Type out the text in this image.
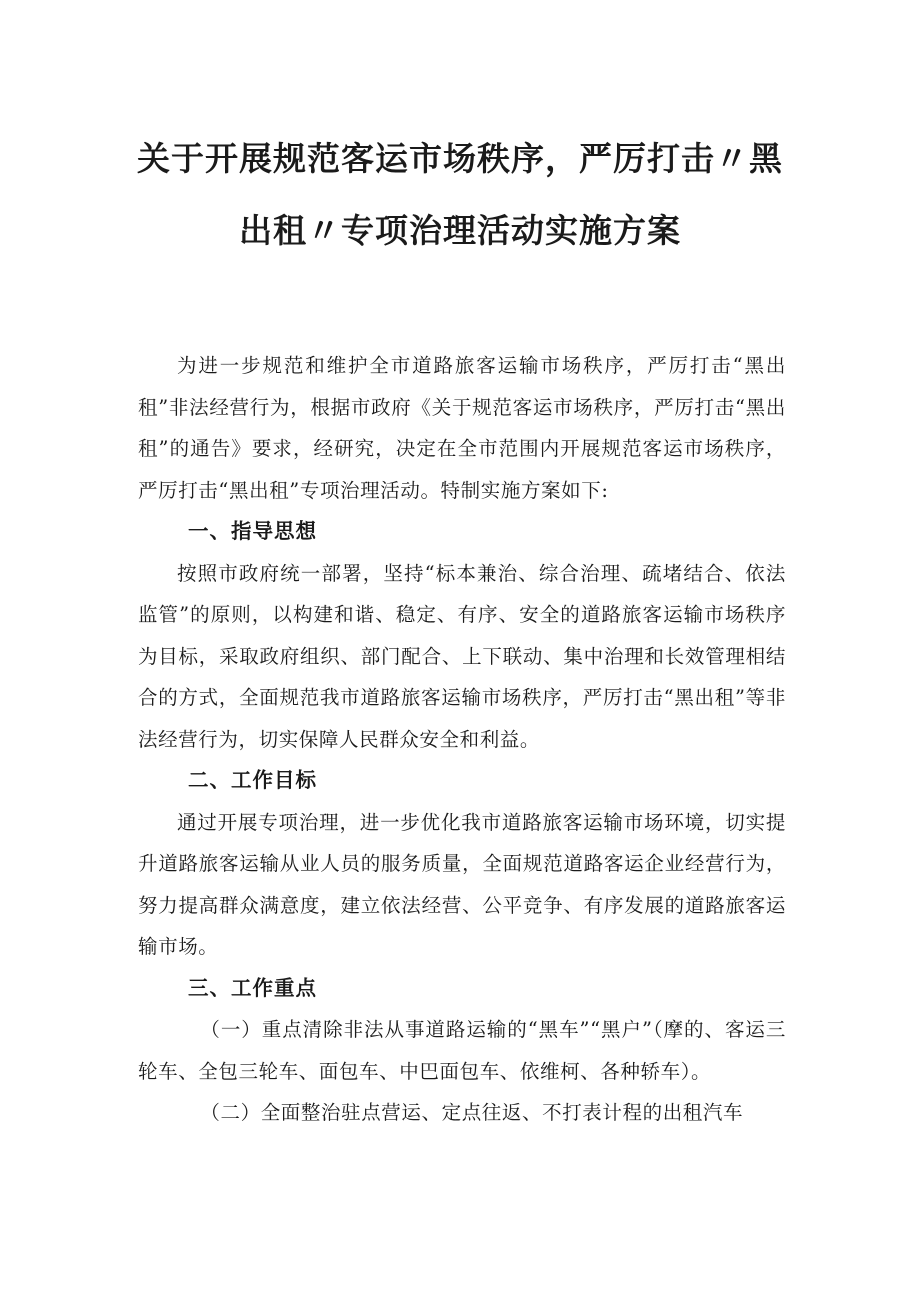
关于开展规范客运市场秩序，严厉打击〃黑
出租〃专项治理活动实施方案

为进一步规范和维护全市道路旅客运输市场秩序，严厉打击“黑出租”非法经营行为，根据市政府《关于规范客运市场秩序，严厉打击“黑出租”的通告》要求，经研究，决定在全市范围内开展规范客运市场秩序，严厉打击“黑出租”专项治理活动。特制实施方案如下:

一、指导思想

按照市政府统一部署，坚持“标本兼治、综合治理、疏堵结合、依法监管”的原则，以构建和谐、稳定、有序、安全的道路旅客运输市场秩序为目标，采取政府组织、部门配合、上下联动、集中治理和长效管理相结合的方式，全面规范我市道路旅客运输市场秩序，严厉打击“黑出租”等非法经营行为，切实保障人民群众安全和利益。

二、工作目标

通过开展专项治理，进一步优化我市道路旅客运输市场环境，切实提升道路旅客运输从业人员的服务质量，全面规范道路客运企业经营行为，努力提高群众满意度，建立依法经营、公平竞争、有序发展的道路旅客运输市场。

三、工作重点

（一）重点清除非法从事道路运输的“黑车”“黑户”（摩的、客运三轮车、全包三轮车、面包车、中巴面包车、依维柯、各种轿车）。

（二）全面整治驻点营运、定点往返、不打表计程的出租汽车
